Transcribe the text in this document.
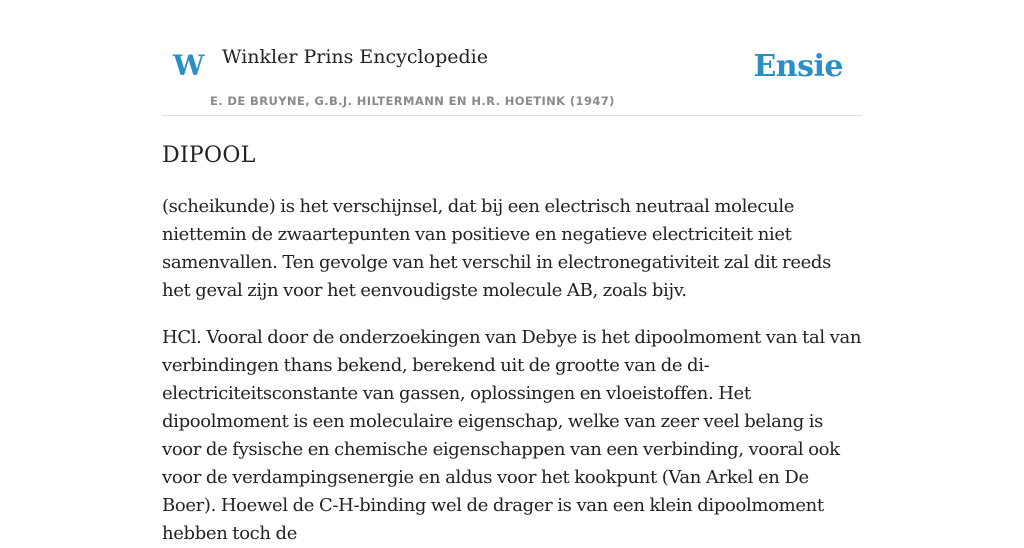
W Winkler Prins Encyclopedie
E. DE BRUYNE, G.B.J. HILTERMANN EN H.R. HOETINK (1947)
Ensie
DIPOOL

(scheikunde) is het verschijnsel, dat bij een electrisch neutraal molecule niettemin de zwaartepunten van positieve en negatieve electriciteit niet samenvallen. Ten gevolge van het verschil in electronegativiteit zal dit reeds het geval zijn voor het eenvoudigste molecule AB, zoals bijv.

HCl. Vooral door de onderzoekingen van Debye is het dipoolmoment van tal van verbindingen thans bekend, berekend uit de grootte van de di-electriciteitsconstante van gassen, oplossingen en vloeistoffen. Het dipoolmoment is een moleculaire eigenschap, welke van zeer veel belang is voor de fysische en chemische eigenschappen van een verbinding, vooral ook voor de verdampingsenergie en aldus voor het kookpunt (Van Arkel en De Boer). Hoewel de C-H-binding wel de drager is van een klein dipoolmoment hebben toch de
